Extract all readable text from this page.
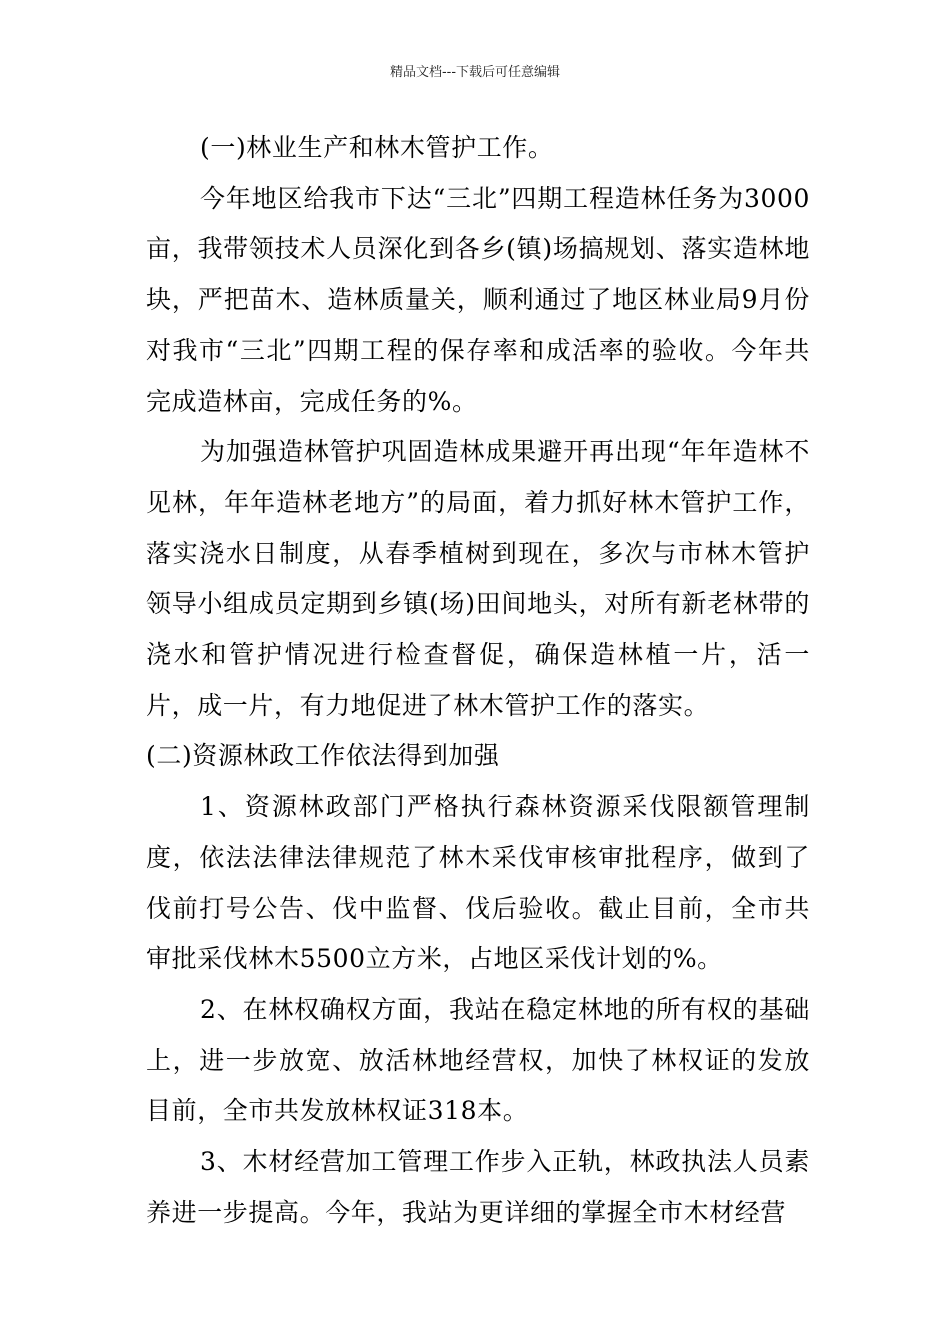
精品文档---下载后可任意编辑

(一)林业生产和林木管护工作。

今年地区给我市下达“三北”四期工程造林任务为3000亩，我带领技术人员深化到各乡(镇)场搞规划、落实造林地块，严把苗木、造林质量关，顺利通过了地区林业局9月份对我市“三北”四期工程的保存率和成活率的验收。今年共完成造林亩，完成任务的%。

为加强造林管护巩固造林成果避开再出现“年年造林不见林，年年造林老地方”的局面，着力抓好林木管护工作，落实浇水日制度，从春季植树到现在，多次与市林木管护领导小组成员定期到乡镇(场)田间地头，对所有新老林带的浇水和管护情况进行检查督促，确保造林植一片，活一片，成一片，有力地促进了林木管护工作的落实。

(二)资源林政工作依法得到加强

1、资源林政部门严格执行森林资源采伐限额管理制度，依法法律法律规范了林木采伐审核审批程序，做到了伐前打号公告、伐中监督、伐后验收。截止目前，全市共审批采伐林木5500立方米，占地区采伐计划的%。

2、在林权确权方面，我站在稳定林地的所有权的基础上，进一步放宽、放活林地经营权，加快了林权证的发放目前，全市共发放林权证318本。

3、木材经营加工管理工作步入正轨，林政执法人员素养进一步提高。今年，我站为更详细的掌握全市木材经营
